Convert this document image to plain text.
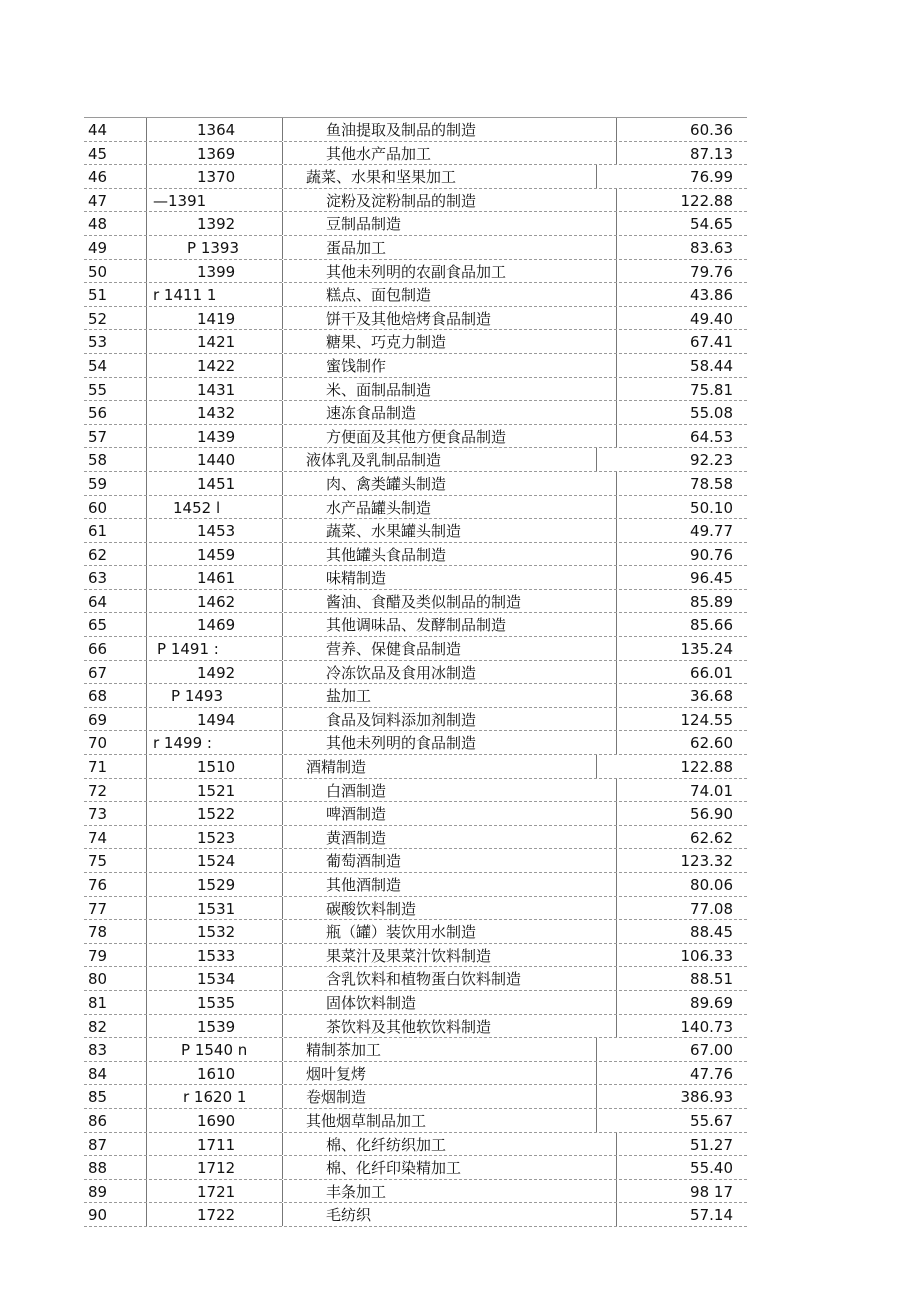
44	1364	鱼油提取及制品的制造	60.36
45	1369	其他水产品加工	87.13
46	1370	蔬菜、水果和坚果加工	76.99
47	—1391	淀粉及淀粉制品的制造	122.88
48	1392	豆制品制造	54.65
49	P 1393	蛋品加工	83.63
50	1399	其他未列明的农副食品加工	79.76
51	r 1411 1	糕点、面包制造	43.86
52	1419	饼干及其他焙烤食品制造	49.40
53	1421	糖果、巧克力制造	67.41
54	1422	蜜饯制作	58.44
55	1431	米、面制品制造	75.81
56	1432	速冻食品制造	55.08
57	1439	方便面及其他方便食品制造	64.53
58	1440	液体乳及乳制品制造	92.23
59	1451	肉、禽类罐头制造	78.58
60	1452 l	水产品罐头制造	50.10
61	1453	蔬菜、水果罐头制造	49.77
62	1459	其他罐头食品制造	90.76
63	1461	味精制造	96.45
64	1462	酱油、食醋及类似制品的制造	85.89
65	1469	其他调味品、发酵制品制造	85.66
66	P 1491 :	营养、保健食品制造	135.24
67	1492	冷冻饮品及食用冰制造	66.01
68	P 1493	盐加工	36.68
69	1494	食品及饲料添加剂制造	124.55
70	r 1499 :	其他未列明的食品制造	62.60
71	1510	酒精制造	122.88
72	1521	白酒制造	74.01
73	1522	啤酒制造	56.90
74	1523	黄酒制造	62.62
75	1524	葡萄酒制造	123.32
76	1529	其他酒制造	80.06
77	1531	碳酸饮料制造	77.08
78	1532	瓶（罐）装饮用水制造	88.45
79	1533	果菜汁及果菜汁饮料制造	106.33
80	1534	含乳饮料和植物蛋白饮料制造	88.51
81	1535	固体饮料制造	89.69
82	1539	茶饮料及其他软饮料制造	140.73
83	P 1540 n	精制茶加工	67.00
84	1610	烟叶复烤	47.76
85	r 1620 1	卷烟制造	386.93
86	1690	其他烟草制品加工	55.67
87	1711	棉、化纤纺织加工	51.27
88	1712	棉、化纤印染精加工	55.40
89	1721	丰条加工	98 17
90	1722	毛纺织	57.14
